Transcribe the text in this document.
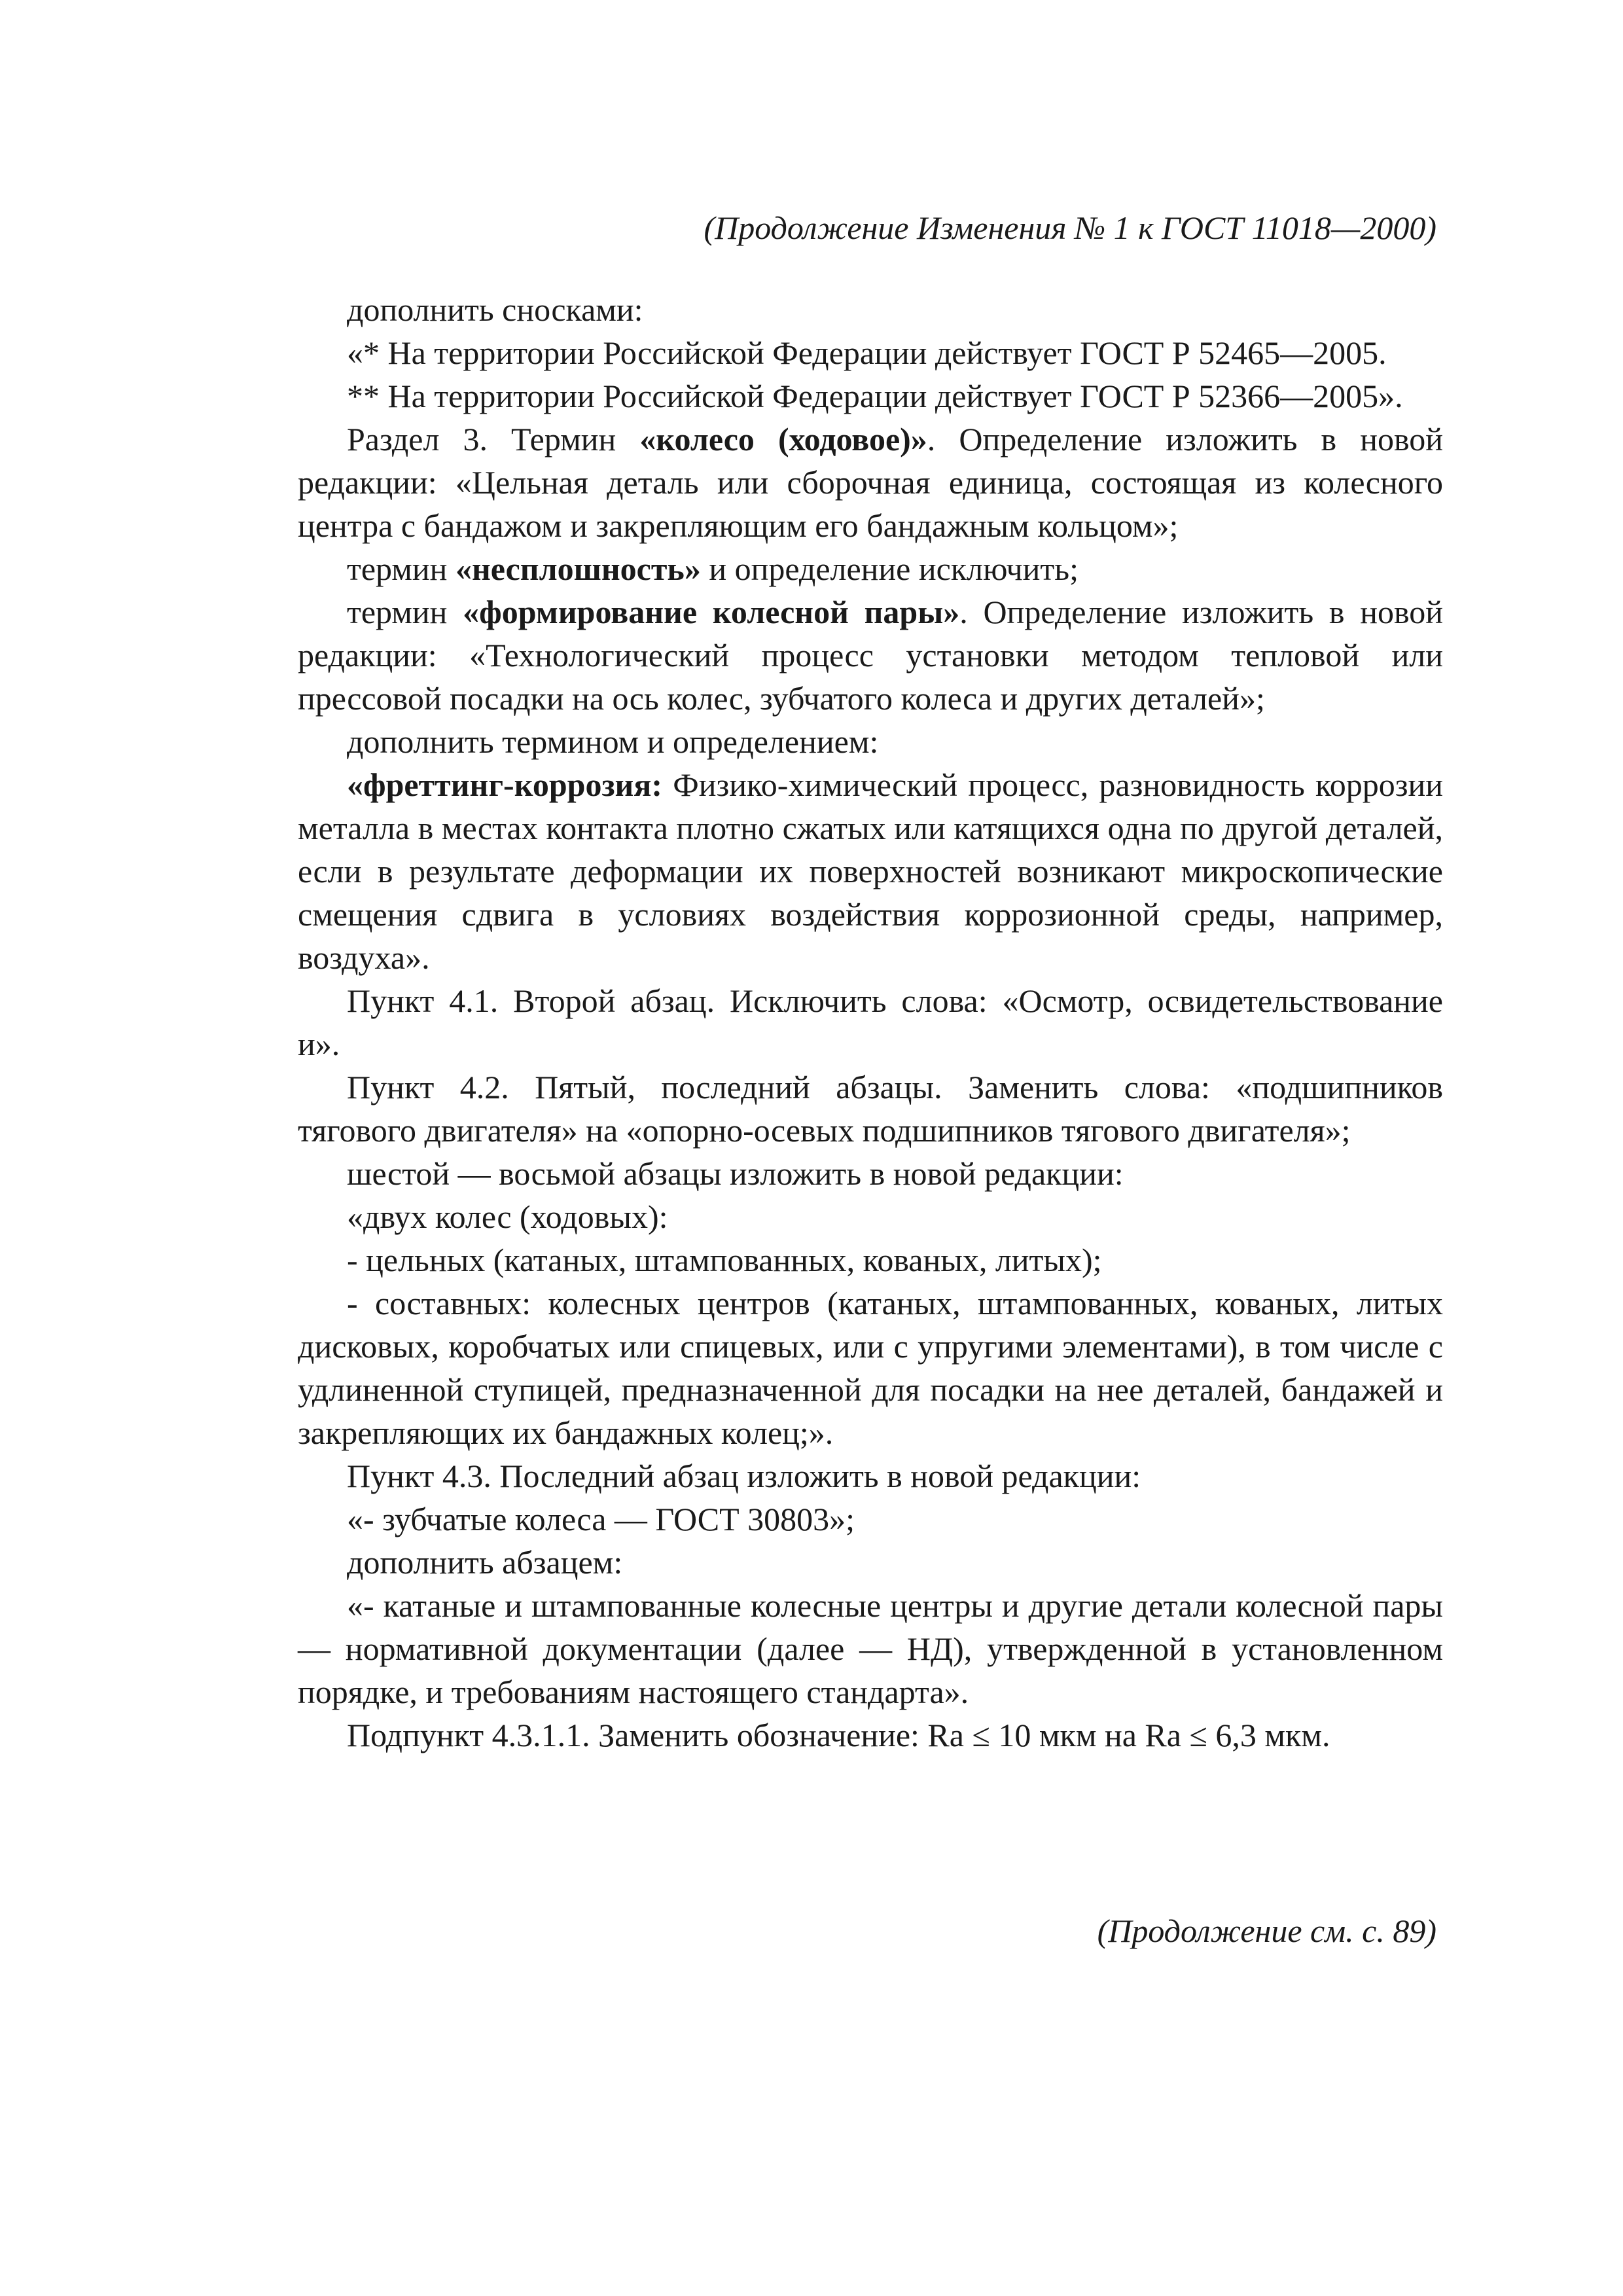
(Продолжение Изменения № 1 к ГОСТ 11018—2000)

дополнить сносками:

«* На территории Российской Федерации действует ГОСТ Р 52465—2005.

** На территории Российской Федерации действует ГОСТ Р 52366—2005».

Раздел 3. Термин «колесо (ходовое)». Определение изложить в новой редакции: «Цельная деталь или сборочная единица, состоящая из колесного центра с бандажом и закрепляющим его бандажным кольцом»;

термин «несплошность» и определение исключить;

термин «формирование колесной пары». Определение изложить в новой редакции: «Технологический процесс установки методом тепловой или прессовой посадки на ось колес, зубчатого колеса и других деталей»;

дополнить термином и определением:

«фреттинг-коррозия: Физико-химический процесс, разновидность коррозии металла в местах контакта плотно сжатых или катящихся одна по другой деталей, если в результате деформации их поверхностей возникают микроскопические смещения сдвига в условиях воздействия коррозионной среды, например, воздуха».

Пункт 4.1. Второй абзац. Исключить слова: «Осмотр, освидетельствование и».

Пункт 4.2. Пятый, последний абзацы. Заменить слова: «подшипников тягового двигателя» на «опорно-осевых подшипников тягового двигателя»;

шестой — восьмой абзацы изложить в новой редакции:

«двух колес (ходовых):

- цельных (катаных, штампованных, кованых, литых);

- составных: колесных центров (катаных, штампованных, кованых, литых дисковых, коробчатых или спицевых, или с упругими элементами), в том числе с удлиненной ступицей, предназначенной для посадки на нее деталей, бандажей и закрепляющих их бандажных колец;».

Пункт 4.3. Последний абзац изложить в новой редакции:

«- зубчатые колеса — ГОСТ 30803»;

дополнить абзацем:

«- катаные и штампованные колесные центры и другие детали колесной пары — нормативной документации (далее — НД), утвержденной в установленном порядке, и требованиям настоящего стандарта».

Подпункт 4.3.1.1. Заменить обозначение: Ra ≤ 10 мкм на Ra ≤ 6,3 мкм.

(Продолжение см. с. 89)
